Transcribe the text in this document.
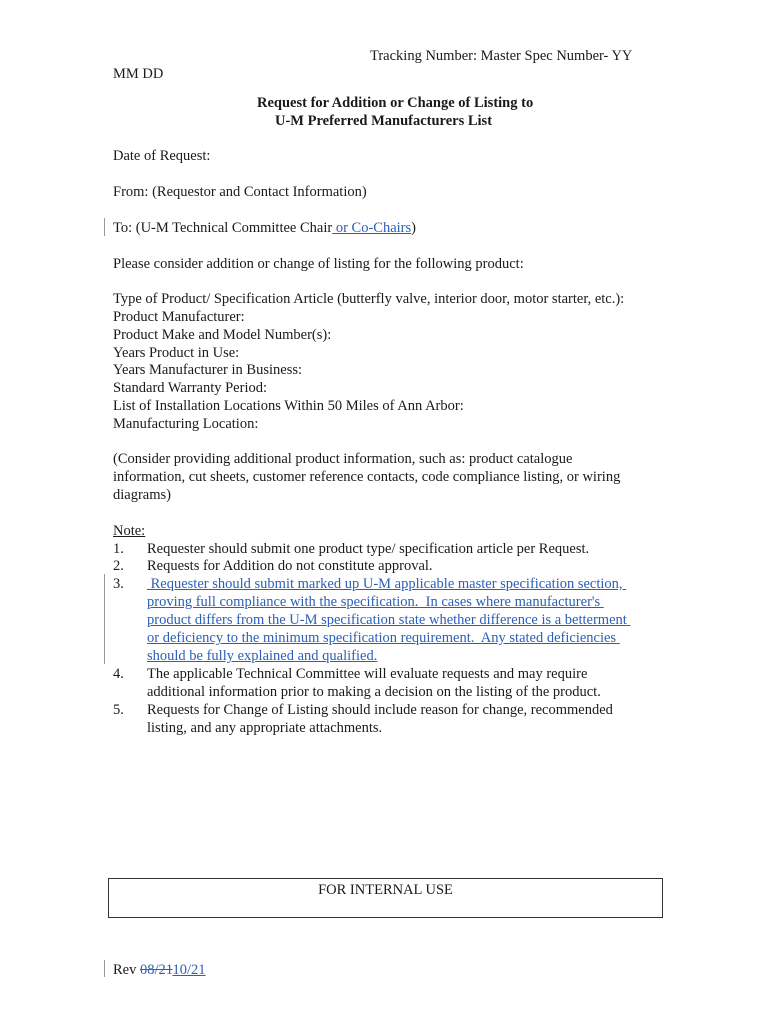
Tracking Number: Master Spec Number- YY
MM DD
Request for Addition or Change of Listing to
U-M Preferred Manufacturers List
Date of Request:
From: (Requestor and Contact Information)
To: (U-M Technical Committee Chair or Co-Chairs)
Please consider addition or change of listing for the following product:
Type of Product/ Specification Article (butterfly valve, interior door, motor starter, etc.):
Product Manufacturer:
Product Make and Model Number(s):
Years Product in Use:
Years Manufacturer in Business:
Standard Warranty Period:
List of Installation Locations Within 50 Miles of Ann Arbor:
Manufacturing Location:
(Consider providing additional product information, such as: product catalogue
information, cut sheets, customer reference contacts, code compliance listing, or wiring
diagrams)
Note:
1. Requester should submit one product type/ specification article per Request.
2. Requests for Addition do not constitute approval.
3. Requester should submit marked up U-M applicable master specification section,
proving full compliance with the specification.  In cases where manufacturer's
product differs from the U-M specification state whether difference is a betterment
or deficiency to the minimum specification requirement.  Any stated deficiencies
should be fully explained and qualified.
4. The applicable Technical Committee will evaluate requests and may require
additional information prior to making a decision on the listing of the product.
5. Requests for Change of Listing should include reason for change, recommended
listing, and any appropriate attachments.
FOR INTERNAL USE
Rev 08/2110/21
